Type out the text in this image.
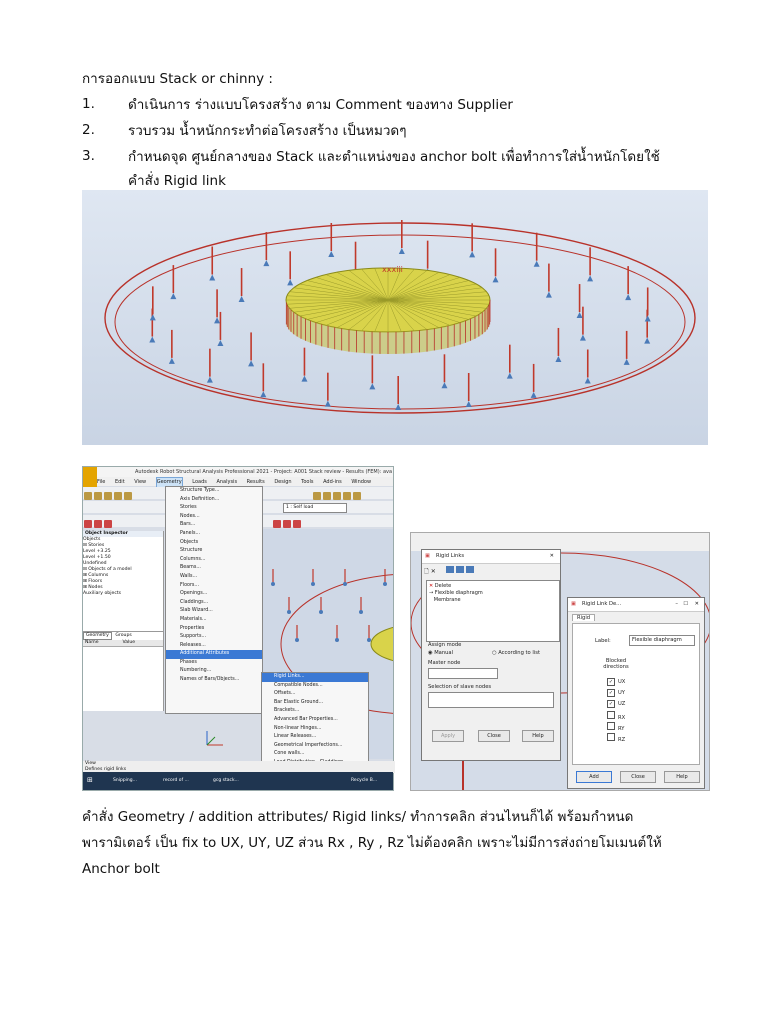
การออกแบบ Stack or chinny :
1. ดำเนินการ ร่างแบบโครงสร้าง ตาม Comment ของทาง Supplier
2. รวบรวม น้ำหนักกระทำต่อโครงสร้าง เป็นหมวดๆ
3. กำหนดจุด ศูนย์กลางของ Stack และตำแหน่งของ anchor bolt เพื่อทำการใส่น้ำหนักโดยใช้
คำสั่ง Rigid link
xxxiii
Autodesk Robot Structural Analysis Professional 2021 - Project: A001 Stack review - Results (FEM): ava
File Edit View Geometry Loads Analysis Results Design Tools Add-ins Window
1 : Self load
Object Inspector
Objects
⊟ Stories
Level +3.25
Level +1.50
Undefined
⊟ Objects of a model
⊞ Columns
⊞ Floors
⊞ Nodes
Auxiliary objects
Geometry Groups
Name	Value
Structure Type...
Axis Definition...
Stories
Nodes...
Bars...
Panels...
Objects
Structure
Columns...
Beams...
Walls...
Floors...
Openings...
Claddings...
Slab Wizard...
Materials...
Properties
Supports...
Releases...
Additional Attributes
Phases
Numbering...
Names of Bars/Objects...
Rigid Links...
Compatible Nodes...
Offsets...
Bar Elastic Ground...
Brackets...
Advanced Bar Properties...
Non-linear Hinges...
Linear Releases...
Geometrical Imperfections...
Cone walls...
View
Defines rigid links
⊞	Snipping...	record of ...	gcg stack...	Recycle B...
▣ Rigid Links	✕
🗋 ✕
✕ Delete
→ Flexible diaphragm
Membrane
Assign mode
◉ Manual	○ According to list
Master node
Selection of slave nodes
Apply	Close	Help
▣ Rigid Link De...	– ☐ ✕
Rigid
Label:	Flexible diaphragm
Blocked directions
✓ UX
✓ UY
✓ UZ
RX
RY
RZ
Add	Close	Help
คำสั่ง Geometry / addition attributes/ Rigid links/ ทำการคลิก ส่วนไหนก็ได้ พร้อมกำหนด
พารามิเตอร์ เป็น fix to UX, UY, UZ ส่วน Rx , Ry , Rz ไม่ต้องคลิก เพราะไม่มีการส่งถ่ายโมเมนต์ให้
Anchor bolt
